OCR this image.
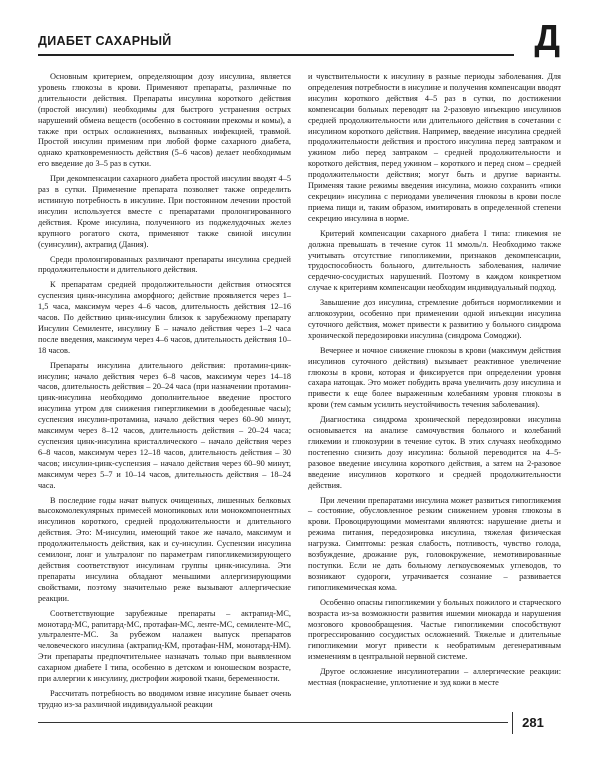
ДИАБЕТ САХАРНЫЙ	Д

Основным критерием, определяющим дозу инсулина, является уровень глюкозы в крови. Применяют препараты, различные по длительности действия. Препараты инсулина короткого действия (простой инсулин) необходимы для быстрого устранения острых нарушений обмена веществ (особенно в состоянии прекомы и комы), а также при острых осложнениях, вызванных инфекцией, травмой. Простой инсулин применим при любой форме сахарного диабета, однако кратковременность действия (5–6 часов) делает необходимым его введение до 3–5 раз в сутки.

При декомпенсации сахарного диабета простой инсулин вводят 4–5 раз в сутки. Применение препарата позволяет также определить истинную потребность в инсулине. При постоянном лечении простой инсулин используется вместе с препаратами пролонгированного действия. Кроме инсулина, полученного из поджелудочных желез крупного рогатого скота, применяют также свиной инсулин (суинсулин), актрапид (Дания).

Среди пролонгированных различают препараты инсулина средней продолжительности и длительного действия.

К препаратам средней продолжительности действия относятся суспензия цинк-инсулина аморфного; действие проявляется через 1–1,5 часа, максимум через 4–6 часов, длительность действия 12–16 часов. По действию цинк-инсулин близок к зарубежному препарату Инсулин Семиленте, инсулину Б – начало действия через 1–2 часа после введения, максимум через 4–6 часов, длительность действия 10–18 часов.

Препараты инсулина длительного действия: протамин-цинк-инсулин; начало действия через 6–8 часов, максимум через 14–18 часов, длительность действия – 20–24 часа (при назначении протамин-цинк-инсулина необходимо дополнительное введение простого инсулина утром для снижения гипергликемии в дообеденные часы); суспензия инсулин-протамина, начало действия через 60–90 минут, максимум через 8–12 часов, длительность действия – 20–24 часа; суспензия цинк-инсулина кристаллического – начало действия через 6–8 часов, максимум через 12–18 часов, длительность действия – 30 часов; инсулин-цинк-суспензия – начало действия через 60–90 минут, максимум через 5–7 и 10–14 часов, длительность действия – 18–24 часа.

В последние годы начат выпуск очищенных, лишенных белковых высокомолекулярных примесей монопиковых или монокомпонентных инсулинов короткого, средней продолжительности и длительного действия. Это: М-инсулин, имеющий такое же начало, максимум и продолжительность действия, как и су-инсулин. Суспензии инсулина семилонг, лонг и ультралонг по параметрам гипогликемизирующего действия соответствуют инсулинам группы цинк-инсулина. Эти препараты инсулина обладают меньшими аллергизирующими свойствами, поэтому значительно реже вызывают аллергические реакции.

Соответствующие зарубежные препараты – актрапид-МС, монотард-МС, рапитард-МС, протафан-МС, ленте-МС, семиленте-МС, ультраленте-МС. За рубежом налажен выпуск препаратов человеческого инсулина (актрапид-КМ, протафан-НМ, монотард-НМ). Эти препараты предпочтительнее назначать только при выявленном сахарном диабете I типа, особенно в детском и юношеском возрасте, при аллергии к инсулину, дистрофии жировой ткани, беременности.

Рассчитать потребность во вводимом извне инсулине бывает очень трудно из-за различной индивидуальной реакции

и чувствительности к инсулину в разные периоды заболевания. Для определения потребности в инсулине и получения компенсации вводят инсулин короткого действия 4–5 раз в сутки, по достижении компенсации больных переводят на 2-разовую инъекцию инсулинов средней продолжительности или длительного действия в сочетании с инсулином короткого действия. Например, введение инсулина средней продолжительности действия и простого инсулина перед завтраком и ужином либо перед завтраком – средней продолжительности и короткого действия, перед ужином – короткого и перед сном – средней продолжительности действия; могут быть и другие варианты. Применяя такие режимы введения инсулина, можно сохранить «пики секреции» инсулина с периодами увеличения глюкозы в крови после приема пищи и, таким образом, имитировать в определенной степени секрецию инсулина в норме.

Критерий компенсации сахарного диабета I типа: гликемия не должна превышать в течение суток 11 ммоль/л. Необходимо также учитывать отсутствие гипогликемии, признаков декомпенсации, трудоспособность больного, длительность заболевания, наличие сердечно-сосудистых нарушений. Поэтому в каждом конкретном случае к критериям компенсации необходим индивидуальный подход.

Завышение доз инсулина, стремление добиться нормогликемии и аглюкозурии, особенно при применении одной инъекции инсулина суточного действия, может привести к развитию у больного синдрома хронической передозировки инсулина (синдрома Сомоджи).

Вечернее и ночное снижение глюкозы в крови (максимум действия инсулинов суточного действия) вызывает реактивное увеличение глюкозы в крови, которая и фиксируется при определении уровня сахара натощак. Это может побудить врача увеличить дозу инсулина и привести к еще более выраженным колебаниям уровня глюкозы в крови (тем самым усилить неустойчивость течения заболевания).

Диагностика синдрома хронической передозировки инсулина основывается на анализе самочувствия больного и колебаний гликемии и глюкозурии в течение суток. В этих случаях необходимо постепенно снизить дозу инсулина: больной переводится на 4–5-разовое введение инсулина короткого действия, а затем на 2-разовое введение инсулинов короткого и средней продолжительности действия.

При лечении препаратами инсулина может развиться гипогликемия – состояние, обусловленное резким снижением уровня глюкозы в крови. Провоцирующими моментами являются: нарушение диеты и режима питания, передозировка инсулина, тяжелая физическая нагрузка. Симптомы: резкая слабость, потливость, чувство голода, возбуждение, дрожание рук, головокружение, немотивированные поступки. Если не дать больному легкоусвояемых углеводов, то возникают судороги, утрачивается сознание – развивается гипогликемическая кома.

Особенно опасны гипогликемии у больных пожилого и старческого возраста из-за возможности развития ишемии миокарда и нарушения мозгового кровообращения. Частые гипогликемии способствуют прогрессированию сосудистых осложнений. Тяжелые и длительные гипогликемии могут привести к необратимым дегенеративным изменениям в центральной нервной системе.

Другое осложнение инсулинотерапии – аллергические реакции: местная (покраснение, уплотнение и зуд кожи в месте

281
